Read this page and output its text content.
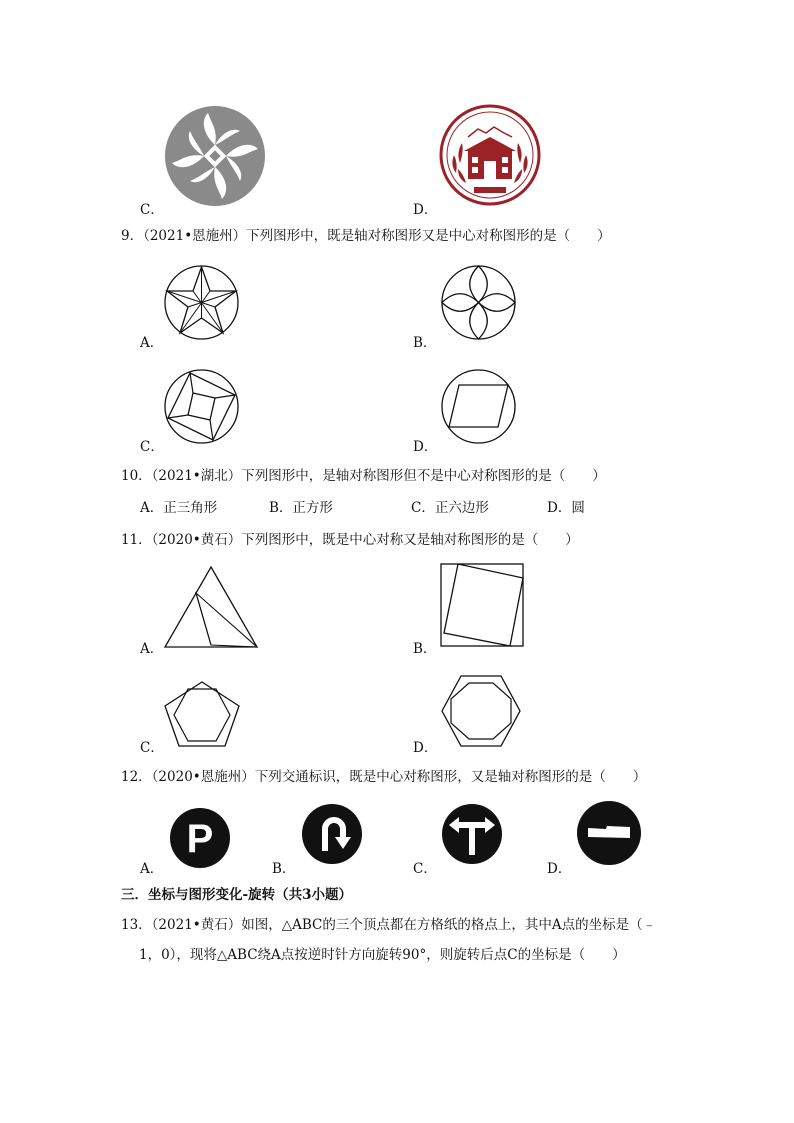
C．	D．
9．（2021•恩施州）下列图形中，既是轴对称图形又是中心对称图形的是（　　）
A．	B．
C．	D．
10．（2021•湖北）下列图形中，是轴对称图形但不是中心对称图形的是（　　）
A．正三角形	B．正方形	C．正六边形	D．圆
11．（2020•黄石）下列图形中，既是中心对称又是轴对称图形的是（　　）
A．	B．
C．	D．
12．（2020•恩施州）下列交通标识，既是中心对称图形，又是轴对称图形的是（　　）
P
A．	B．	C．	D．
三．坐标与图形变化-旋转（共3小题）
13．（2021•黄石）如图，△ABC的三个顶点都在方格纸的格点上，其中A点的坐标是（﹣
1，0），现将△ABC绕A点按逆时针方向旋转90°，则旋转后点C的坐标是（　　）
